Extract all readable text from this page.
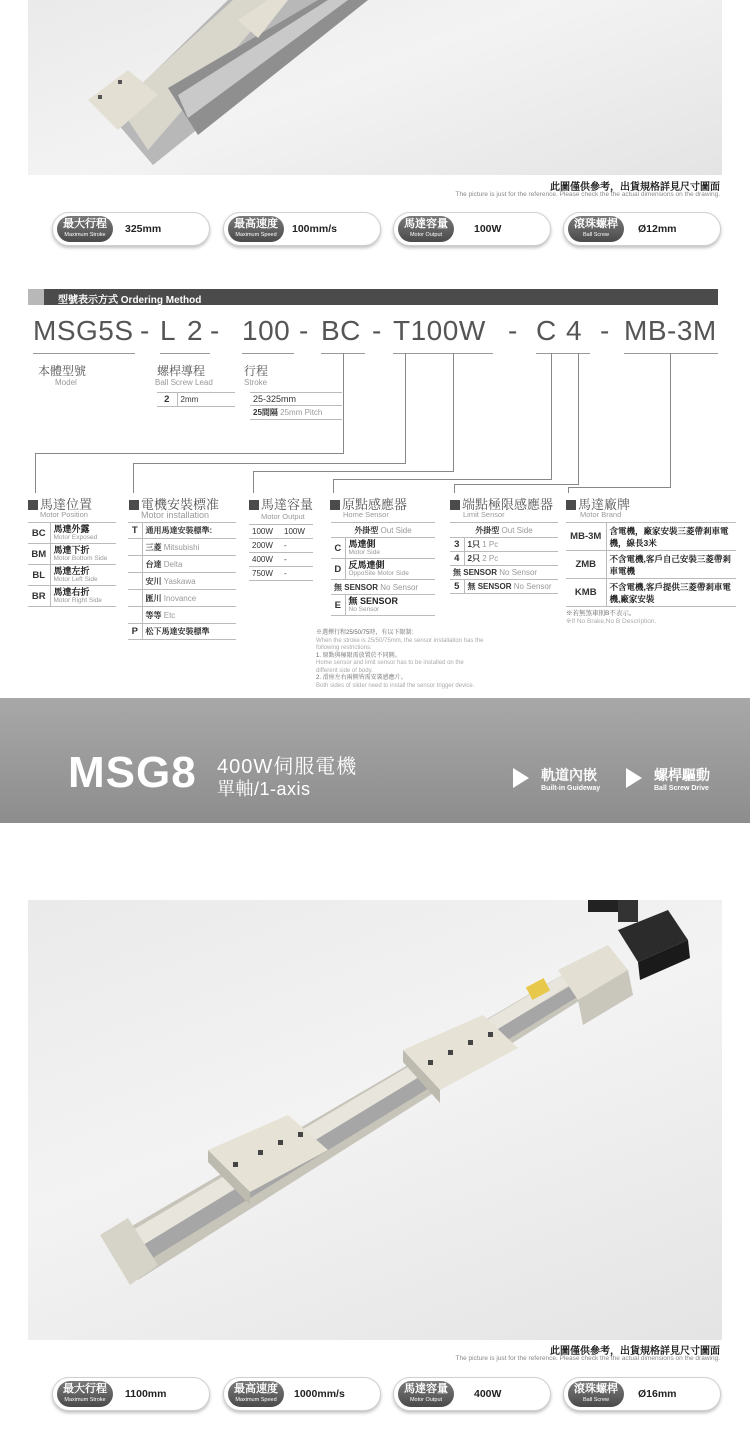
此圖僅供參考，出貨規格詳見尺寸圖面
The picture is just for the reference. Please check the the actual dimensions on the drawing.
最大行程
Maximum Stroke 325mm	最高速度
Maximum Speed 100mm/s	馬達容量
Motor Output	100W	滾珠螺桿
Ball Screw	Ø12mm
型號表示方式 Ordering Method
MSG5S - L 2 - 100 - BC - T100W - C 4 - MB-3M
本體型號
Model
螺桿導程
Ball Screw Lead
行程
Stroke
2	2mm	25-325mm
25間隔 25mm Pitch
馬達位置
Motor Position
電機安裝標准
Motor installation
馬達容量
Motor Output
原點感應器
Home Sensor
端點極限感應器
Limit Sensor
馬達廠牌
Motor Brand
BC	馬達外露
Motor Exposed

BM	馬達下折
Motor Bottom Side

BL	馬達左折
Motor Left Side

BR	馬達右折
Motor Right Side
T	通用馬達安裝標準:
	三菱 Mitsubishi
	台達 Delta
	安川 Yaskawa
	匯川 Inovance
	等等 Etc
P	松下馬達安裝標準
100W	100W
200W	-
400W	-
750W	-
外掛型 Out Side	
C	馬達側
Motor Side

D	反馬達側
OppoSite Motor Side

無 SENSOR No Sensor	
E	無 SENSOR
No Sensor
※選擇行程25/50/75時，有以下限制:
When the stroke is 25/50/75mm, the sensor installation has the following restrictions:
1. 原點與極限需放置於不同側。
Home sensor and limit sensor has to be installed on the different side of body.
2. 滑座左右兩側皆需安裝感應片。
Both sides of slider need to install the sensor trigger device.
外掛型 Out Side	
3	1只 1 Pc
4	2只 2 Pc
無 SENSOR No Sensor	
5	無 SENSOR No Sensor
MB-3M	含電機，廠家安裝三菱帶剎車電機，線長3米
ZMB	不含電機,客戶自己安裝三菱帶剎車電機
KMB	不含電機,客戶提供三菱帶剎車電機,廠家安裝
※若無煞車則B不表示。
※If No Brake,No B Description.
MSG8 400W伺服電機
單軸/1-axis
軌道內嵌
Built-in Guideway
螺桿驅動
Ball Screw Drive
此圖僅供參考，出貨規格詳見尺寸圖面
The picture is just for the reference. Please check the the actual dimensions on the drawing.
最大行程
Maximum Stroke 1100mm	最高速度
Maximum Speed 1000mm/s	馬達容量
Motor Output	400W	滾珠螺桿
Ball Screw	Ø16mm
